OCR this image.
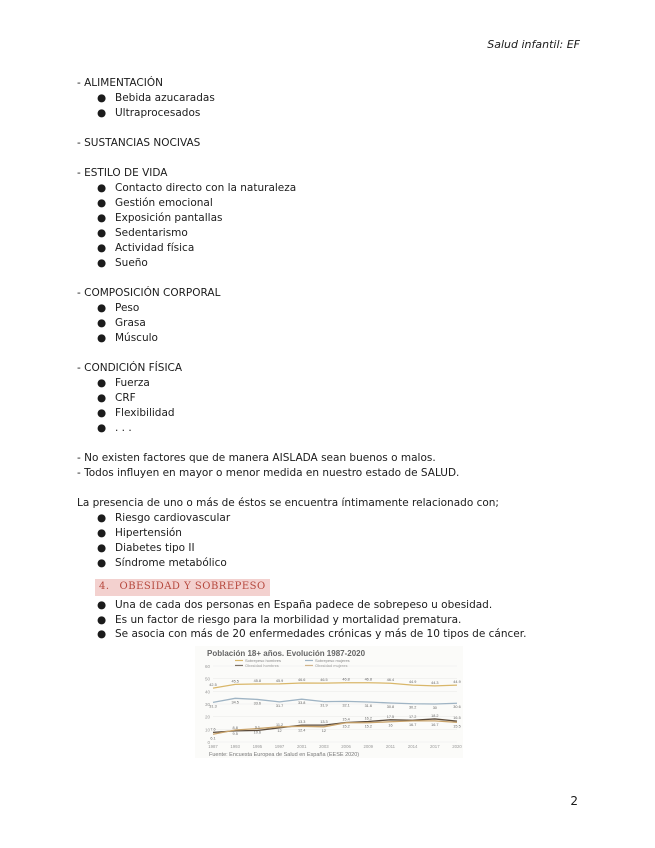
Salud infantil: EF

- ALIMENTACIÓN

● Bebida azucaradas
● Ultraprocesados

- SUSTANCIAS NOCIVAS

- ESTILO DE VIDA

● Contacto directo con la naturaleza
● Gestión emocional
● Exposición pantallas
● Sedentarismo
● Actividad física
● Sueño

- COMPOSICIÓN CORPORAL

● Peso
● Grasa
● Músculo

- CONDICIÓN FÍSICA

● Fuerza
● CRF
● Flexibilidad
● . . .

- No existen factores que de manera AISLADA sean buenos o malos.

- Todos influyen en mayor o menor medida en nuestro estado de SALUD.

La presencia de uno o más de éstos se encuentra íntimamente relacionado con;

● Riesgo cardiovascular
● Hipertensión
● Diabetes tipo II
● Síndrome metabólico
4. OBESIDAD Y SOBREPESO
● Una de cada dos personas en España padece de sobrepeso u obesidad.
● Es un factor de riesgo para la morbilidad y mortalidad prematura.
● Se asocia con más de 20 enfermedades crónicas y más de 10 tipos de cáncer.
Población 18+ años. Evolución 1987-2020
Sobrepeso hombres	Sobrepeso mujeres
Obesidad hombres	Obesidad mujeres
0
10
20
30
40
50
60
1987	1993	1995	1997	2001	2003	2006	2009	2011	2014	2017	2020
42.5
45.5	45.8	45.9	46.6	46.5	46.8	46.8	46.4	44.9	44.3	44.9
31.3
34.5	33.6
31.7
33.8
31.9	32.1	31.6	30.8	30.2	30	30.6
7.6	8.8	9.1
11.2
13.3	13.3
15.4	16.2	17.5	17.2	18.2
16.5
6.1
9.5	10.6	12	12.4	12
15.2	15.2	16	16.7	16.7	15.5
Fuente: Encuesta Europea de Salud en España (EESE 2020)
2
